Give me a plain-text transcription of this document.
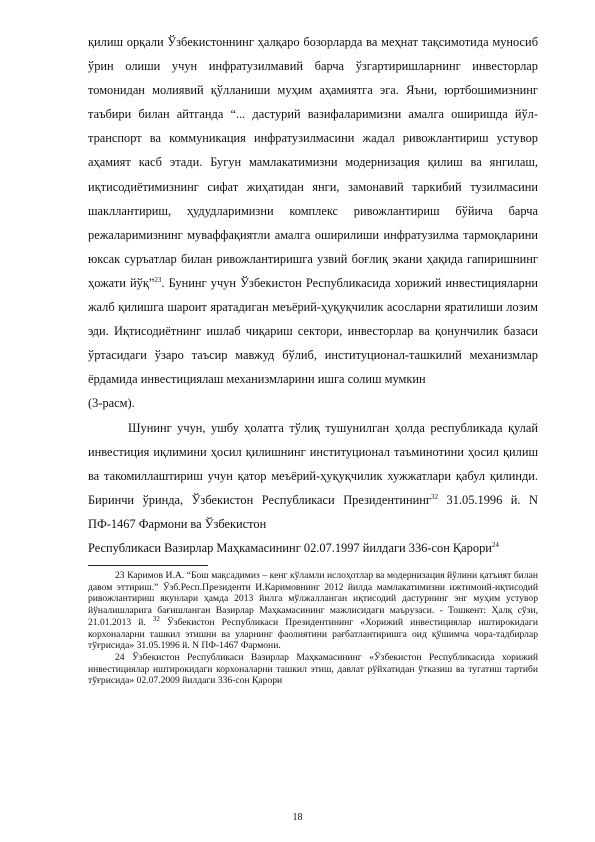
қилиш орқали Ўзбекистоннинг ҳалқаро бозорларда ва меҳнат тақсимотида муносиб ўрин олиши учун инфратузилмавий барча ўзгартиришларнинг инвесторлар томонидан молиявий қўлланиши муҳим аҳамиятга эга. Яъни, юртбошимизнинг таъбири билан айтганда “... дастурий вазифаларимизни амалга оширишда йўл-транспорт ва коммуникация инфратузилмасини жадал ривожлантириш устувор аҳамият касб этади. Бугун мамлакатимизни модернизация қилиш ва янгилаш, иқтисодиётимизнинг сифат жиҳатидан янги, замонавий таркибий тузилмасини шакллантириш, ҳудудларимизни комплекс ривожлантириш бўйича барча режаларимизнинг муваффақиятли амалга оширилиши инфратузилма тармоқларини юксак суръатлар билан ривожлантиришга узвий боғлиқ экани ҳақида гапиришнинг ҳожати йўқ”$^{23}$. Бунинг учун Ўзбекистон Республикасида хорижий инвестицияларни жалб қилишга шароит яратадиган меъёрий-ҳуқуқчилик асосларни яратилиши лозим эди. Иқтисодиётнинг ишлаб чиқариш сектори, инвесторлар ва қонунчилик базаси ўртасидаги ўзаро таъсир мавжуд бўлиб, институционал-ташкилий механизмлар ёрдамида инвестициялаш механизмларини ишга солиш мумкин

(3-расм).

Шунинг учун, ушбу ҳолатга тўлиқ тушунилган ҳолда республикада қулай инвестиция иқлимини ҳосил қилишнинг институционал таъминотини ҳосил қилиш ва такомиллаштириш учун қатор меъёрий-ҳуқуқчилик хужжатлари қабул қилинди. Биринчи ўринда, Ўзбекистон Республикаси Президентининг$^{32}$ 31.05.1996 й. N ПФ-1467 Фармони ва Ўзбекистон

Республикаси Вазирлар Маҳкамасининг 02.07.1997 йилдаги 336-сон Қарори$^{24}$

23 Каримов И.А. “Бош мақсадимиз – кенг кўламли ислоҳотлар ва модернизация йўлини қатъият билан давом эттириш.” Ўзб.Респ.Президенти И.Каримовнинг 2012 йилда мамлакатимизни ижтимоий-иқтисодий ривожлантириш якунлари ҳамда 2013 йилга мўлжалланган иқтисодий дастурнинг энг муҳим устувор йўналишларига бағишланган Вазирлар Маҳкамасининг мажлисидаги маърузаси. - Тошкент: Ҳалқ сўзи, 21.01.2013 й. $^{32}$ Ўзбекистон Республикаси Президентининг «Хорижий инвестициялар иштирокидаги корхоналарни ташкил этишни ва уларнинг фаолиятини рағбатлантиришга оид қўшимча чора-тадбирлар тўғрисида» 31.05.1996 й. N ПФ-1467 Фармони.

24 Ўзбекистон Республикаси Вазирлар Маҳкамасининг «Ўзбекистон Республикасида хорижий инвестициялар иштирокидаги корхоналарни ташкил этиш, давлат рўйхатидан ўтказиш ва тугатиш тартиби тўғрисида» 02.07.2009 йилдаги 336-сон Қарори

18
